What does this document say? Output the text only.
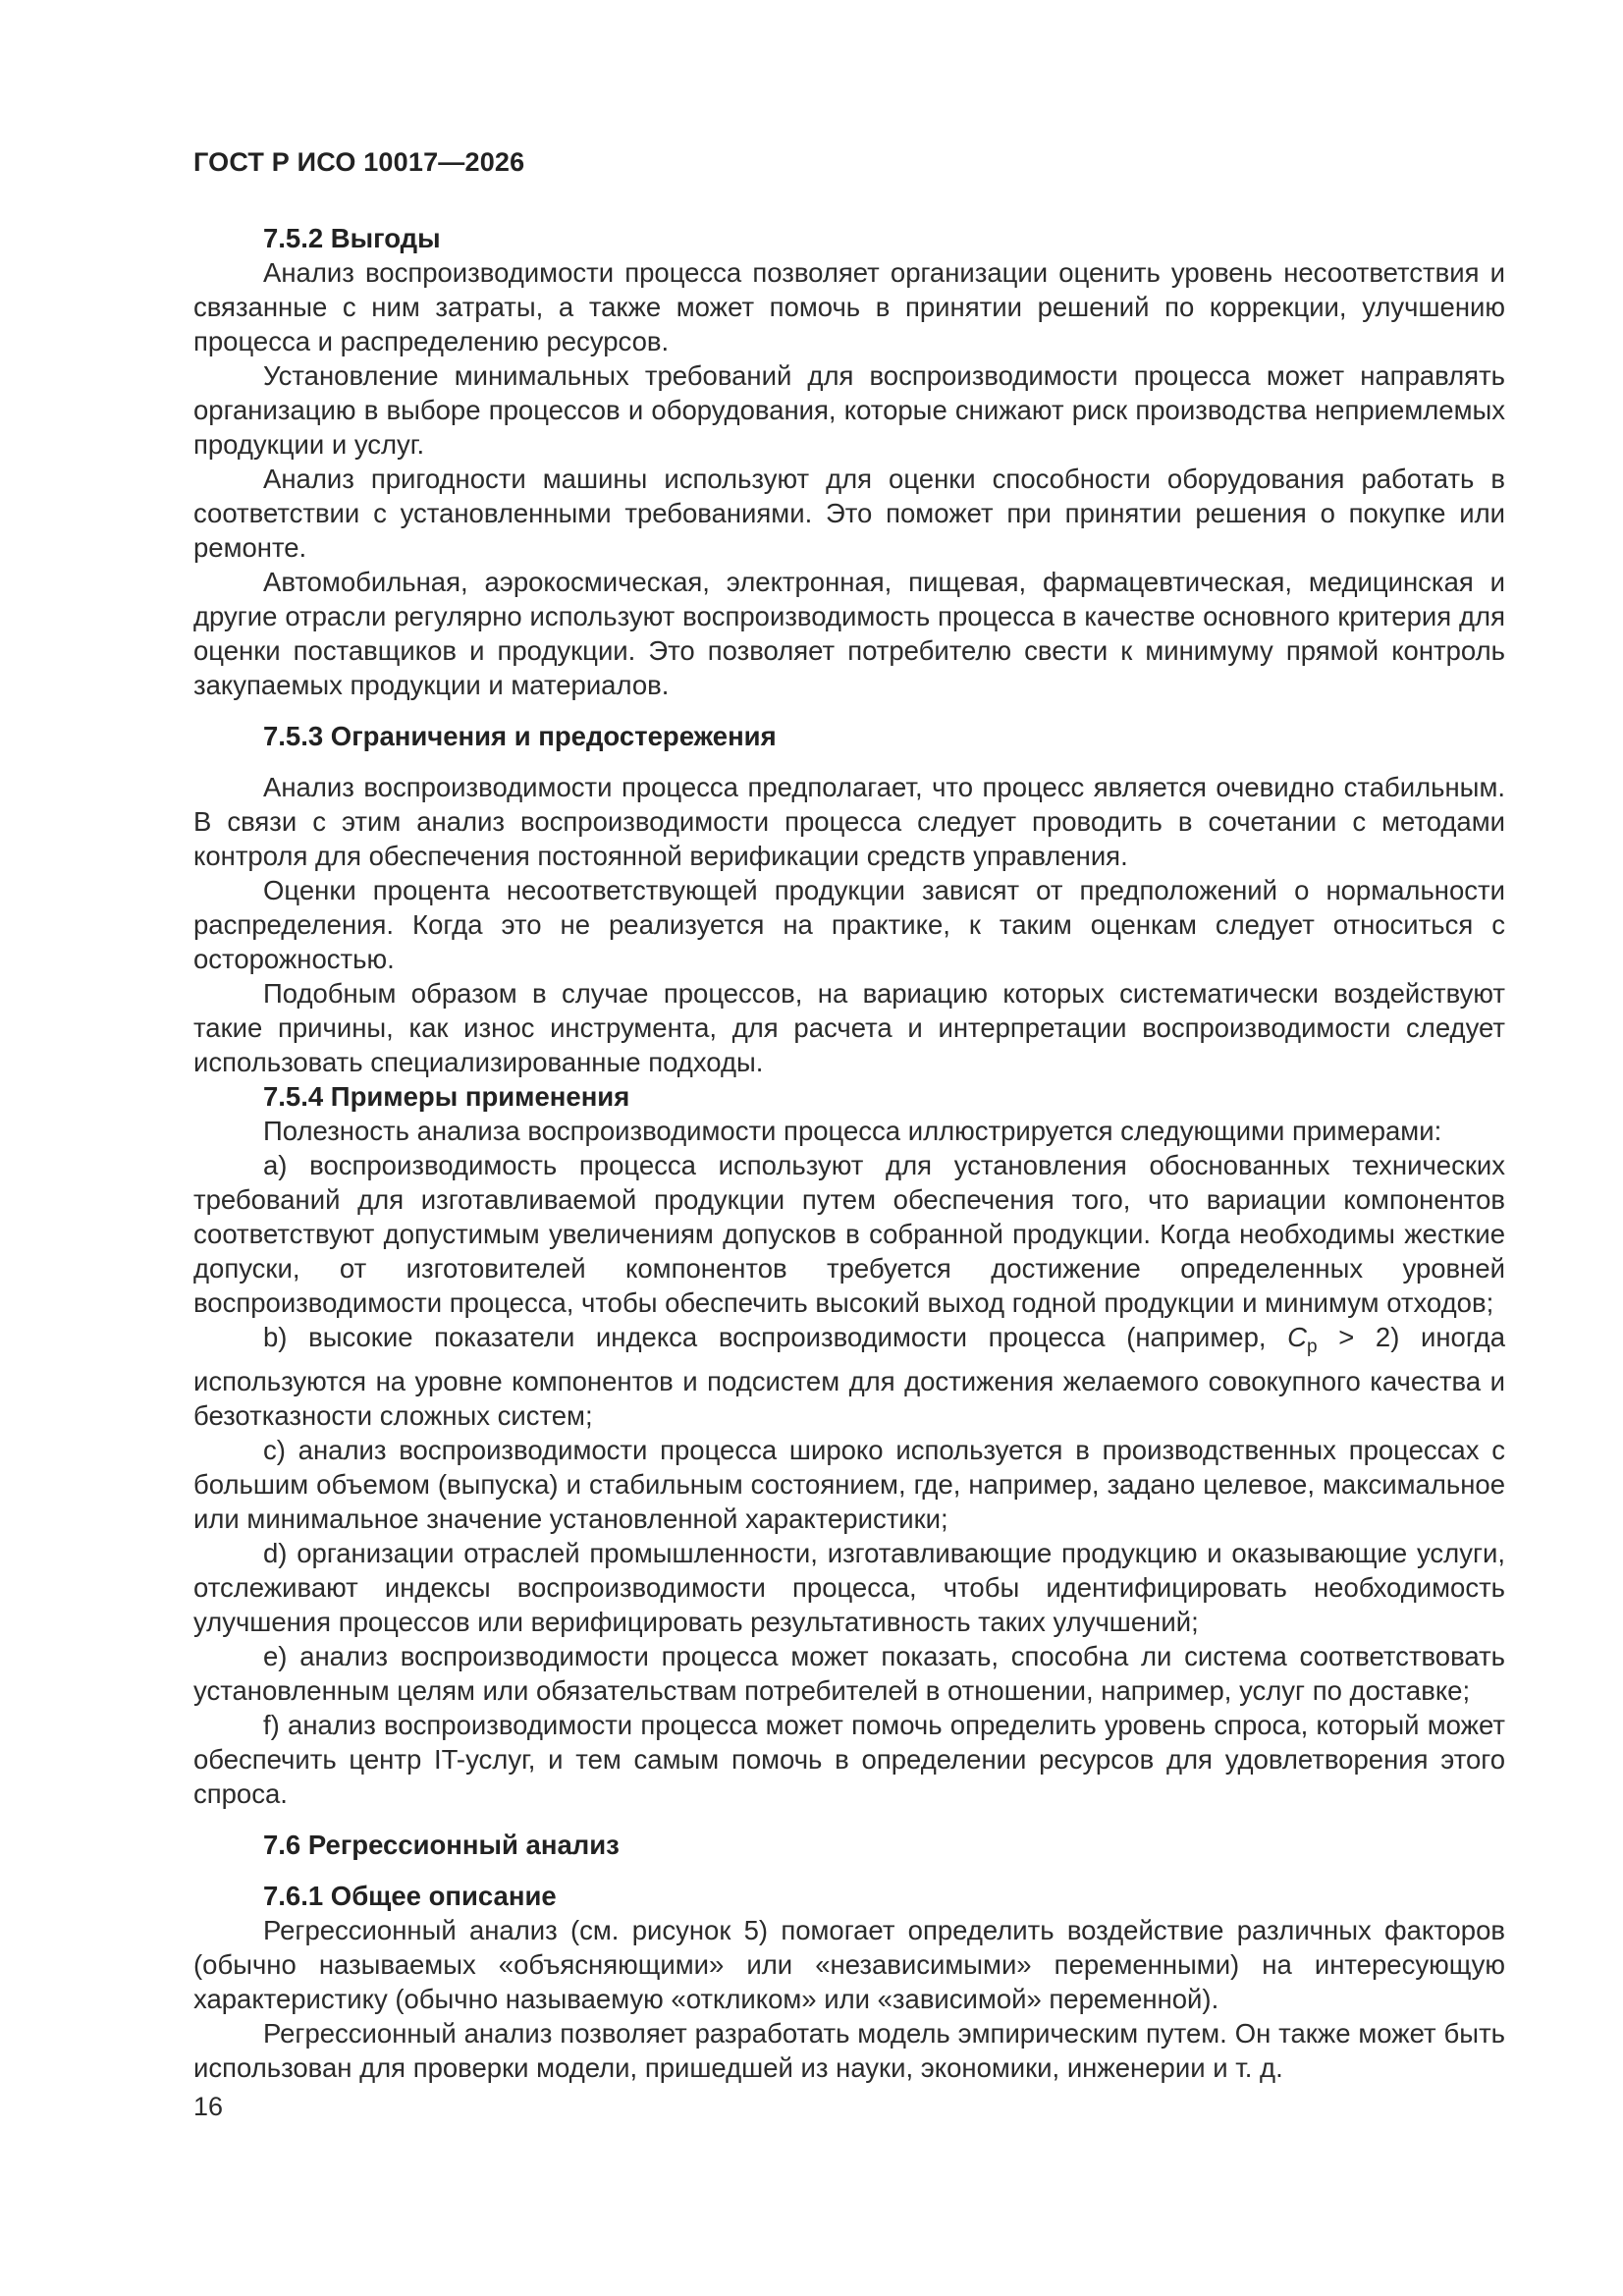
ГОСТ Р ИСО 10017—2026
7.5.2 Выгоды

Анализ воспроизводимости процесса позволяет организации оценить уровень несоответствия и связанные с ним затраты, а также может помочь в принятии решений по коррекции, улучшению процесса и распределению ресурсов.

Установление минимальных требований для воспроизводимости процесса может направлять организацию в выборе процессов и оборудования, которые снижают риск производства неприемлемых продукции и услуг.

Анализ пригодности машины используют для оценки способности оборудования работать в соответствии с установленными требованиями. Это поможет при принятии решения о покупке или ремонте.

Автомобильная, аэрокосмическая, электронная, пищевая, фармацевтическая, медицинская и другие отрасли регулярно используют воспроизводимость процесса в качестве основного критерия для оценки поставщиков и продукции. Это позволяет потребителю свести к минимуму прямой контроль закупаемых продукции и материалов.

7.5.3 Ограничения и предостережения

Анализ воспроизводимости процесса предполагает, что процесс является очевидно стабильным. В связи с этим анализ воспроизводимости процесса следует проводить в сочетании с методами контроля для обеспечения постоянной верификации средств управления.

Оценки процента несоответствующей продукции зависят от предположений о нормальности распределения. Когда это не реализуется на практике, к таким оценкам следует относиться с осторожностью.

Подобным образом в случае процессов, на вариацию которых систематически воздействуют такие причины, как износ инструмента, для расчета и интерпретации воспроизводимости следует использовать специализированные подходы.

7.5.4 Примеры применения

Полезность анализа воспроизводимости процесса иллюстрируется следующими примерами:

a) воспроизводимость процесса используют для установления обоснованных технических требований для изготавливаемой продукции путем обеспечения того, что вариации компонентов соответствуют допустимым увеличениям допусков в собранной продукции. Когда необходимы жесткие допуски, от изготовителей компонентов требуется достижение определенных уровней воспроизводимости процесса, чтобы обеспечить высокий выход годной продукции и минимум отходов;

b) высокие показатели индекса воспроизводимости процесса (например, $C_p > 2$) иногда используются на уровне компонентов и подсистем для достижения желаемого совокупного качества и безотказности сложных систем;

c) анализ воспроизводимости процесса широко используется в производственных процессах с большим объемом (выпуска) и стабильным состоянием, где, например, задано целевое, максимальное или минимальное значение установленной характеристики;

d) организации отраслей промышленности, изготавливающие продукцию и оказывающие услуги, отслеживают индексы воспроизводимости процесса, чтобы идентифицировать необходимость улучшения процессов или верифицировать результативность таких улучшений;

e) анализ воспроизводимости процесса может показать, способна ли система соответствовать установленным целям или обязательствам потребителей в отношении, например, услуг по доставке;

f) анализ воспроизводимости процесса может помочь определить уровень спроса, который может обеспечить центр IT-услуг, и тем самым помочь в определении ресурсов для удовлетворения этого спроса.

7.6 Регрессионный анализ
7.6.1 Общее описание

Регрессионный анализ (см. рисунок 5) помогает определить воздействие различных факторов (обычно называемых «объясняющими» или «независимыми» переменными) на интересующую характеристику (обычно называемую «откликом» или «зависимой» переменной).

Регрессионный анализ позволяет разработать модель эмпирическим путем. Он также может быть использован для проверки модели, пришедшей из науки, экономики, инженерии и т. д.

16
